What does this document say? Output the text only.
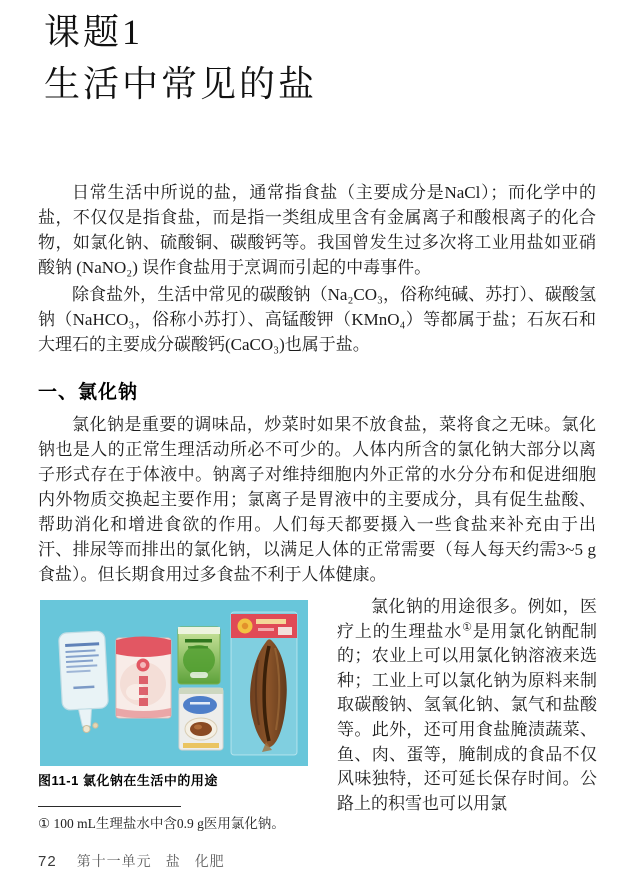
课题1
生活中常见的盐

日常生活中所说的盐，通常指食盐（主要成分是NaCl）；而化学中的盐，不仅仅是指食盐，而是指一类组成里含有金属离子和酸根离子的化合物，如氯化钠、硫酸铜、碳酸钙等。我国曾发生过多次将工业用盐如亚硝酸钠 (NaNO₂) 误作食盐用于烹调而引起的中毒事件。

除食盐外，生活中常见的碳酸钠（Na₂CO₃，俗称纯碱、苏打）、碳酸氢钠（NaHCO₃，俗称小苏打）、高锰酸钾（KMnO₄）等都属于盐；石灰石和大理石的主要成分碳酸钙(CaCO₃)也属于盐。

一、氯化钠

氯化钠是重要的调味品，炒菜时如果不放食盐，菜将食之无味。氯化钠也是人的正常生理活动所必不可少的。人体内所含的氯化钠大部分以离子形式存在于体液中。钠离子对维持细胞内外正常的水分分布和促进细胞内外物质交换起主要作用；氯离子是胃液中的主要成分，具有促生盐酸、帮助消化和增进食欲的作用。人们每天都要摄入一些食盐来补充由于出汗、排尿等而排出的氯化钠，以满足人体的正常需要（每人每天约需3~5 g食盐）。但长期食用过多食盐不利于人体健康。

氯化钠的用途很多。例如，医疗上的生理盐水①是用氯化钠配制的；农业上可以用氯化钠溶液来选种；工业上可以氯化钠为原料来制取碳酸钠、氢氧化钠、氯气和盐酸等。此外，还可用食盐腌渍蔬菜、鱼、肉、蛋等，腌制成的食品不仅风味独特，还可延长保存时间。公路上的积雪也可以用氯

图11-1 氯化钠在生活中的用途
① 100 mL生理盐水中含0.9 g医用氯化钠。
72 第十一单元 盐 化肥
